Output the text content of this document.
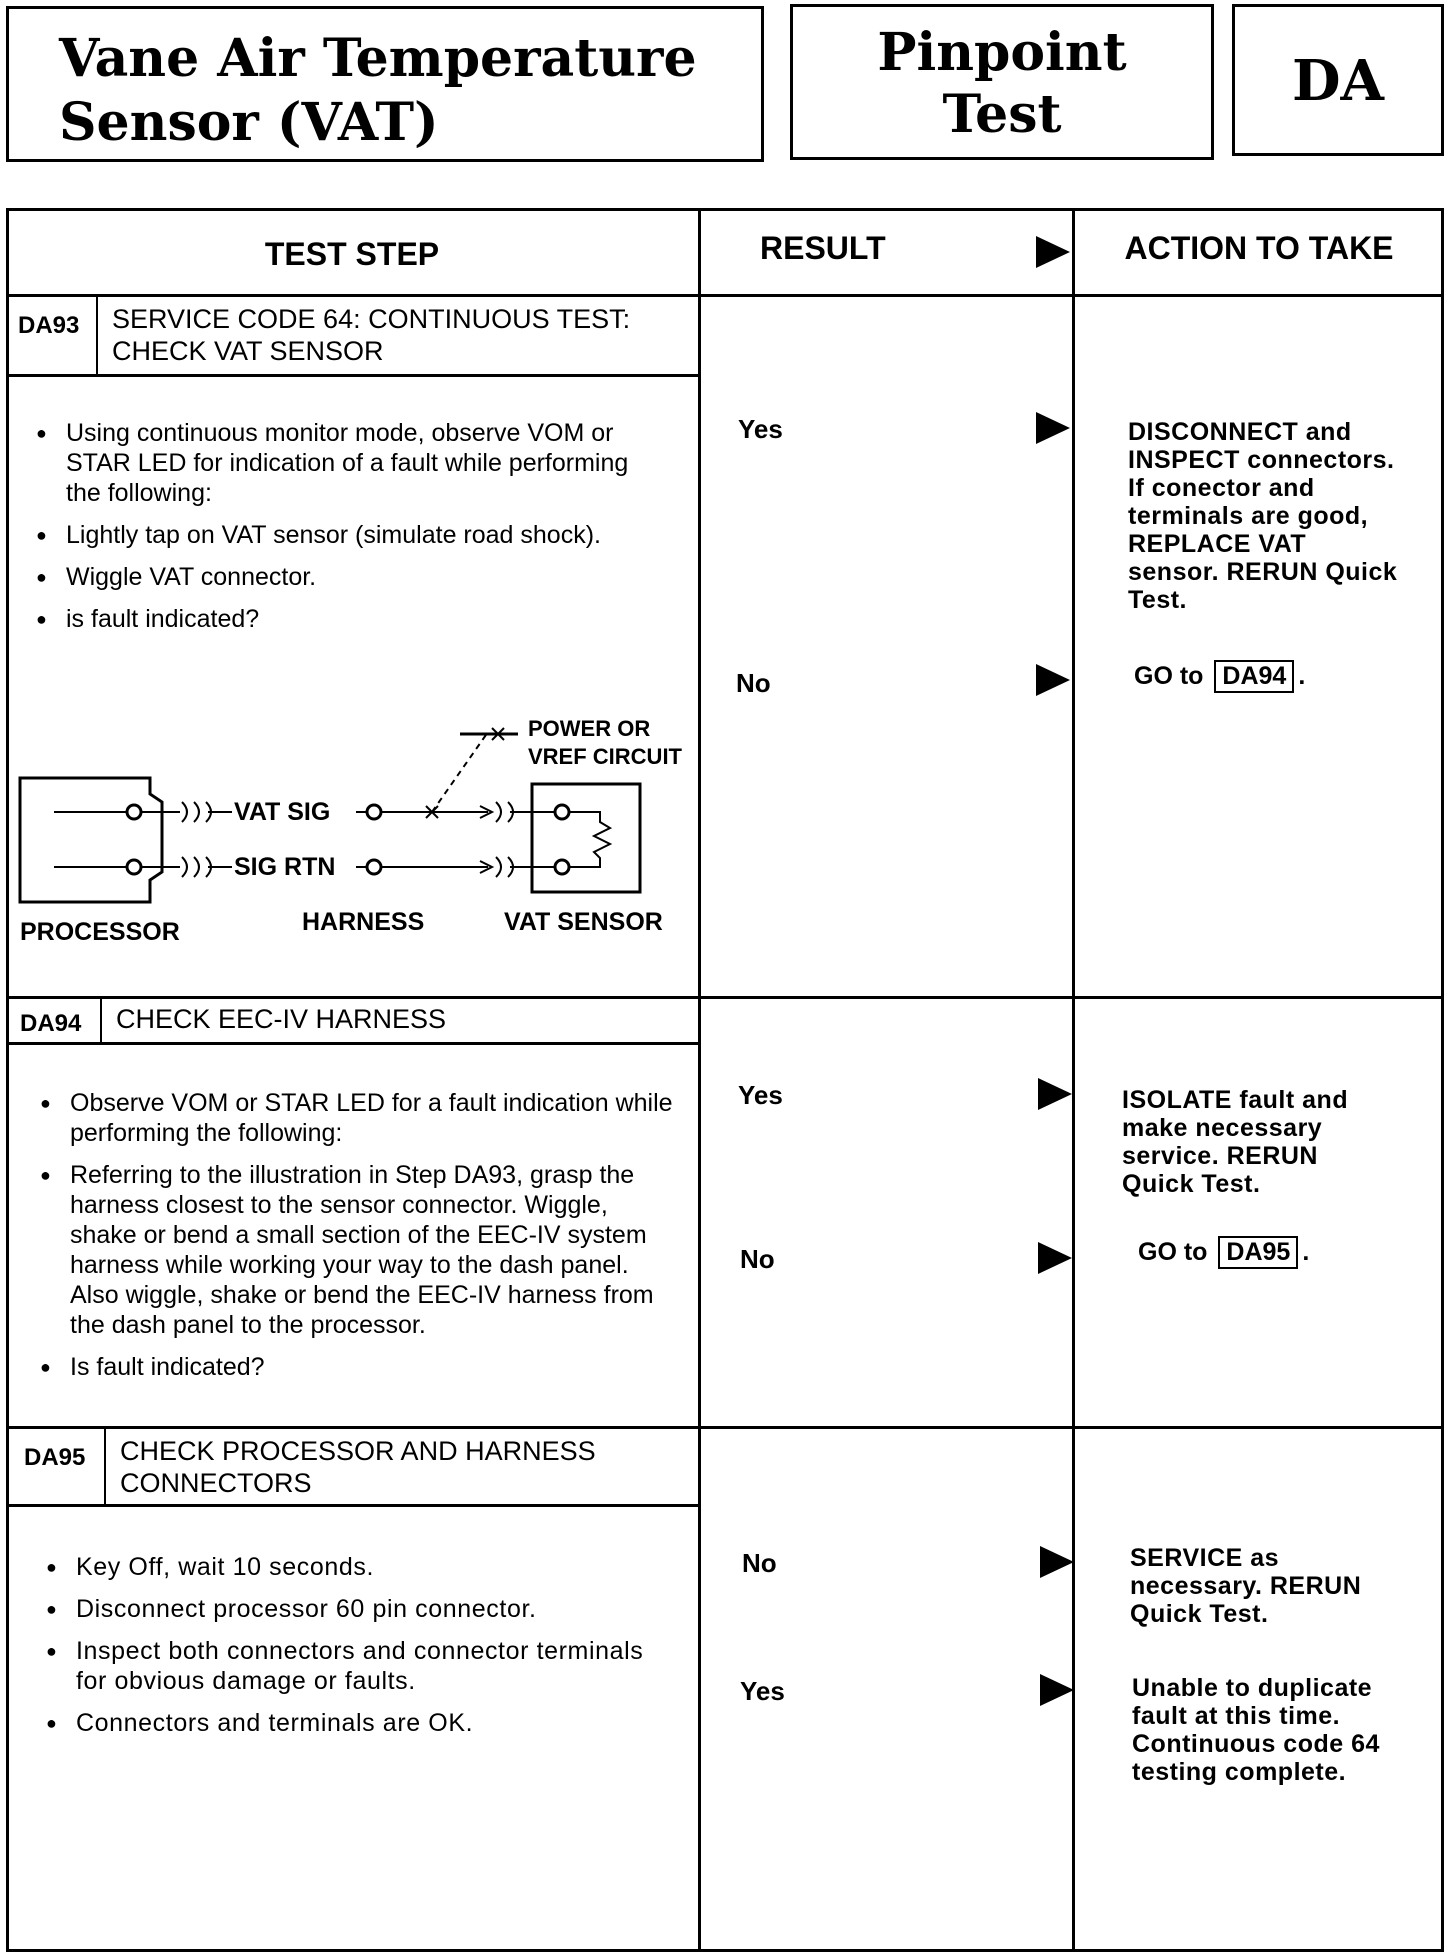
Vane Air Temperature
Sensor (VAT)
Pinpoint
Test
DA
TEST STEP	RESULT	ACTION TO TAKE
DA93 SERVICE CODE 64: CONTINUOUS TEST:
CHECK VAT SENSOR
● Using continuous monitor mode, observe VOM or STAR LED for indication of a fault while performing the following:
● Lightly tap on VAT sensor (simulate road shock).
● Wiggle VAT connector.
● is fault indicated?
Yes	DISCONNECT and
INSPECT connectors.
If conector and
terminals are good,
REPLACE VAT
sensor. RERUN Quick
Test.
No	GO to DA94 .
VAT SIG
SIG RTN
POWER OR
VREF CIRCUIT
PROCESSOR	HARNESS	VAT SENSOR
DA94 CHECK EEC-IV HARNESS
● Observe VOM or STAR LED for a fault indication while performing the following:
● Referring to the illustration in Step DA93, grasp the harness closest to the sensor connector. Wiggle, shake or bend a small section of the EEC-IV system harness while working your way to the dash panel. Also wiggle, shake or bend the EEC-IV harness from the dash panel to the processor.
● Is fault indicated?
Yes	ISOLATE fault and
make necessary
service. RERUN
Quick Test.
No	GO to DA95 .
DA95 CHECK PROCESSOR AND HARNESS
CONNECTORS
● Key Off, wait 10 seconds.
● Disconnect processor 60 pin connector.
● Inspect both connectors and connector terminals for obvious damage or faults.
● Connectors and terminals are OK.
No	SERVICE as
necessary. RERUN
Quick Test.
Yes	Unable to duplicate
fault at this time.
Continuous code 64
testing complete.
